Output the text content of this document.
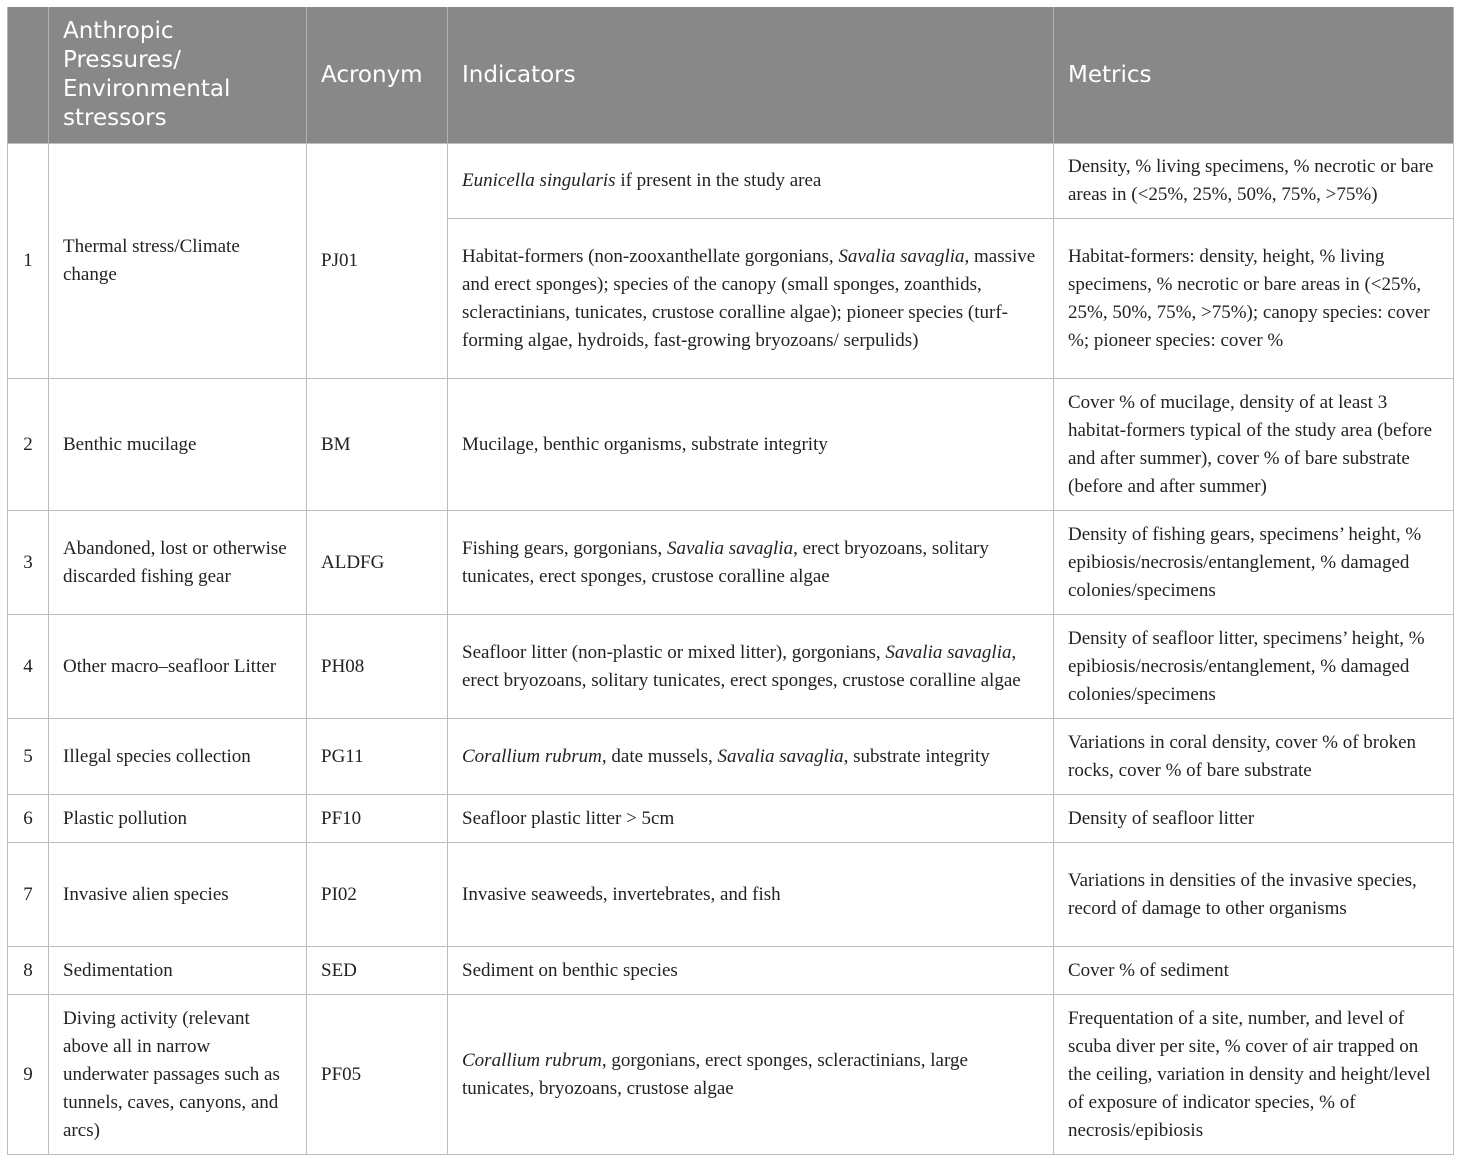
	Anthropic Pressures/ Environmental stressors	Acronym	Indicators	Metrics
1	Thermal stress/Climate change	PJ01	Eunicella singularis if present in the study area	Density, % living specimens, % necrotic or bare areas in (<25%, 25%, 50%, 75%, >75%)
			Habitat-formers (non-zooxanthellate gorgonians, Savalia savaglia, massive and erect sponges); species of the canopy (small sponges, zoanthids, scleractinians, tunicates, crustose coralline algae); pioneer species (turf-forming algae, hydroids, fast-growing bryozoans/ serpulids)	Habitat-formers: density, height, % living specimens, % necrotic or bare areas in (<25%, 25%, 50%, 75%, >75%); canopy species: cover %; pioneer species: cover %
2	Benthic mucilage	BM	Mucilage, benthic organisms, substrate integrity	Cover % of mucilage, density of at least 3 habitat-formers typical of the study area (before and after summer), cover % of bare substrate (before and after summer)
3	Abandoned, lost or otherwise discarded fishing gear	ALDFG	Fishing gears, gorgonians, Savalia savaglia, erect bryozoans, solitary tunicates, erect sponges, crustose coralline algae	Density of fishing gears, specimens’ height, % epibiosis/necrosis/entanglement, % damaged colonies/specimens
4	Other macro–seafloor Litter	PH08	Seafloor litter (non-plastic or mixed litter), gorgonians, Savalia savaglia, erect bryozoans, solitary tunicates, erect sponges, crustose coralline algae	Density of seafloor litter, specimens’ height, % epibiosis/necrosis/entanglement, % damaged colonies/specimens
5	Illegal species collection	PG11	Corallium rubrum, date mussels, Savalia savaglia, substrate integrity	Variations in coral density, cover % of broken rocks, cover % of bare substrate
6	Plastic pollution	PF10	Seafloor plastic litter > 5cm	Density of seafloor litter
7	Invasive alien species	PI02	Invasive seaweeds, invertebrates, and fish	Variations in densities of the invasive species, record of damage to other organisms
8	Sedimentation	SED	Sediment on benthic species	Cover % of sediment
9	Diving activity (relevant above all in narrow underwater passages such as tunnels, caves, canyons, and arcs)	PF05	Corallium rubrum, gorgonians, erect sponges, scleractinians, large tunicates, bryozoans, crustose algae	Frequentation of a site, number, and level of scuba diver per site, % cover of air trapped on the ceiling, variation in density and height/level of exposure of indicator species, % of necrosis/epibiosis
